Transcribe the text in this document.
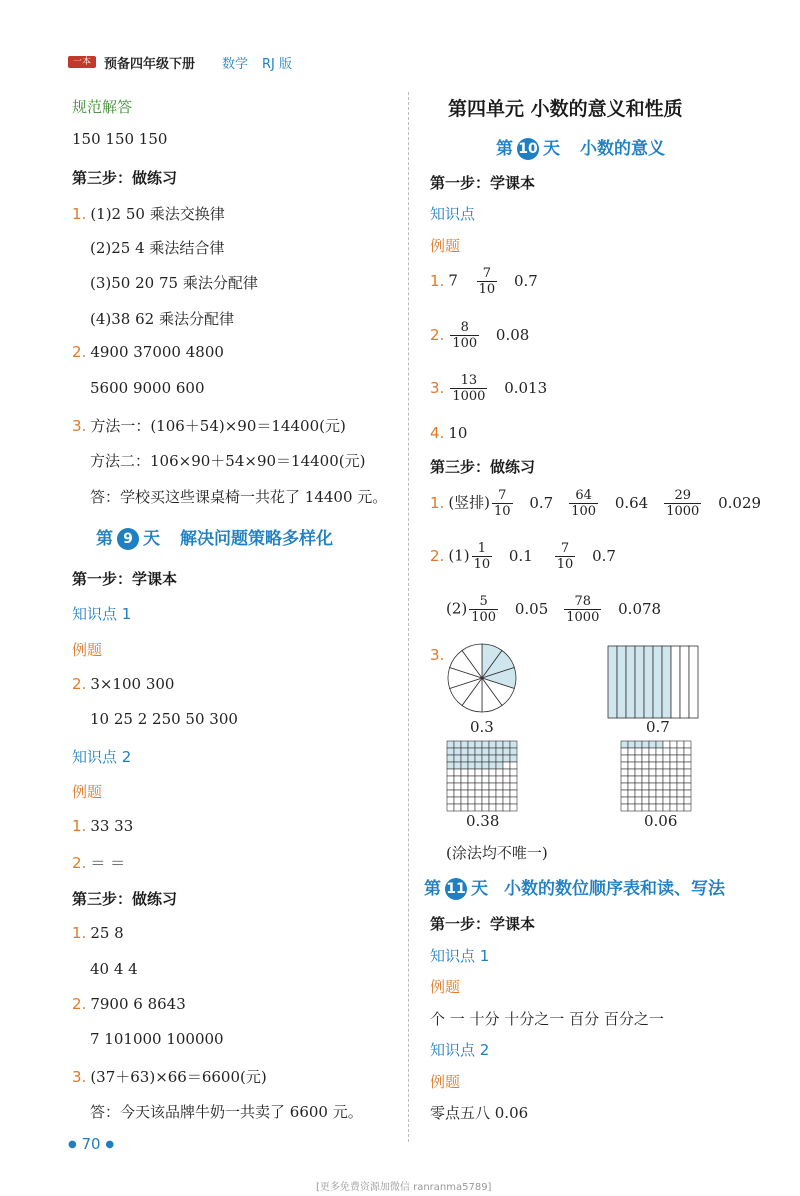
一本	预备四年级下册 数学 RJ 版
规范解答
150 150 150
第三步：做练习
1. (1)2 50 乘法交换律
(2)25 4 乘法结合律
(3)50 20 75 乘法分配律
(4)38 62 乘法分配律
2. 4900 37000 4800
5600 9000 600
3. 方法一：(106＋54)×90＝14400(元)
方法二：106×90＋54×90＝14400(元)
答：学校买这些课桌椅一共花了 14400 元。
第 9 天 解决问题策略多样化
第一步：学课本
知识点 1
例题
2. 3×100 300
10 25 2 250 50 300
知识点 2
例题
1. 33 33
2. ＝ ＝
第三步：做练习
1. 25 8
40 4 4
2. 7900 6 8643
7 101000 100000
3. (37＋63)×66＝6600(元)
答：今天该品牌牛奶一共卖了 6600 元。
● 70 ●
第四单元 小数的意义和性质
第 10 天 小数的意义
第一步：学课本
知识点
例题
1. $7 \frac{7}{10} 0.7$
2. $\frac{8}{100} 0.08$
3. $\frac{13}{1000} 0.013$
4. 10
第三步：做练习
1. (竖排) $\frac{7}{10} 0.7 \frac{64}{100} 0.64 \frac{29}{1000} 0.029$
2. $(1) \frac{1}{10} 0.1 \frac{7}{10} 0.7$
$(2) \frac{5}{100} 0.05 \frac{78}{1000} 0.078$
3.
0.3	0.7
0.38	0.06
(涂法均不唯一)
第 11 天 小数的数位顺序表和读、写法
第一步：学课本
知识点 1
例题
个 一 十分 十分之一 百分 百分之一
知识点 2
例题
零点五八 0.06
[更多免费资源加微信 ranranma5789]
